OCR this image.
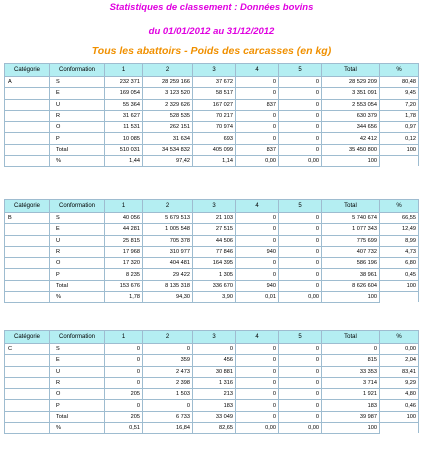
Statistiques de classement : Données bovins
du 01/01/2012 au 31/12/2012
Tous les abattoirs - Poids des carcasses (en kg)
Catégorie	Conformation	1	2	3	4	5	Total	%
A	S	232 371	28 259 166	37 672	0	0	28 529 209	80,48
	E	169 054	3 123 520	58 517	0	0	3 351 091	9,45
	U	55 364	2 329 626	167 027	837	0	2 553 054	7,20
	R	31 627	528 535	70 217	0	0	630 379	1,78
	O	11 531	262 151	70 974	0	0	344 656	0,97
	P	10 085	31 634	693	0	0	42 412	0,12
	Total	510 031	34 534 832	405 099	837	0	35 450 800	100
	%	1,44	97,42	1,14	0,00	0,00	100	
Catégorie	Conformation	1	2	3	4	5	Total	%
B	S	40 056	5 679 513	21 103	0	0	5 740 674	66,55
	E	44 281	1 005 548	27 515	0	0	1 077 343	12,49
	U	25 815	705 378	44 506	0	0	775 699	8,99
	R	17 968	310 977	77 846	940	0	407 732	4,73
	O	17 320	404 481	164 395	0	0	586 196	6,80
	P	8 235	29 422	1 305	0	0	38 961	0,45
	Total	153 676	8 135 318	336 670	940	0	8 626 604	100
	%	1,78	94,30	3,90	0,01	0,00	100	
Catégorie	Conformation	1	2	3	4	5	Total	%
C	S	0	0	0	0	0	0	0,00
	E	0	359	456	0	0	815	2,04
	U	0	2 473	30 881	0	0	33 353	83,41
	R	0	2 398	1 316	0	0	3 714	9,29
	O	205	1 503	213	0	0	1 921	4,80
	P	0	0	183	0	0	183	0,46
	Total	205	6 733	33 049	0	0	39 987	100
	%	0,51	16,84	82,65	0,00	0,00	100	
